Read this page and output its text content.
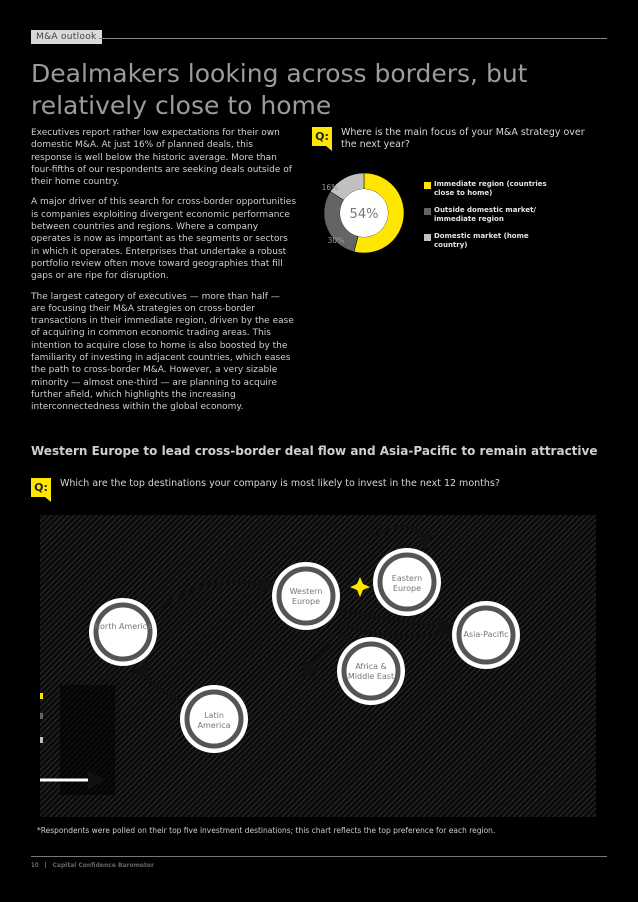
M&A outlook
Dealmakers looking across borders, but relatively close to home

Executives report rather low expectations for their own domestic M&A. At just 16% of planned deals, this response is well below the historic average. More than four-fifths of our respondents are seeking deals outside of their home country.

A major driver of this search for cross-border opportunities is companies exploiting divergent economic performance between countries and regions. Where a company operates is now as important as the segments or sectors in which it operates. Enterprises that undertake a robust portfolio review often move toward geographies that fill gaps or are ripe for disruption.

The largest category of executives — more than half — are focusing their M&A strategies on cross-border transactions in their immediate region, driven by the ease of acquiring in common economic trading areas. This intention to acquire close to home is also boosted by the familiarity of investing in adjacent countries, which eases the path to cross-border M&A. However, a very sizable minority — almost one-third — are planning to acquire further afield, which highlights the increasing interconnectedness within the global economy.

Q:	Where is the main focus of your M&A strategy over the next year?
54%
16%
30%
Immediate region (countries close to home)
Outside domestic market/ immediate region
Domestic market (home country)
Western Europe to lead cross-border deal flow and Asia-Pacific to remain attractive
Q:	Which are the top destinations your company is most likely to invest in the next 12 months?
North America
Western Europe
Eastern Europe
Asia-Pacific
Africa & Middle East
Latin America
*Respondents were polled on their top five investment destinations; this chart reflects the top preference for each region.
10 | Capital Confidence Barometer
